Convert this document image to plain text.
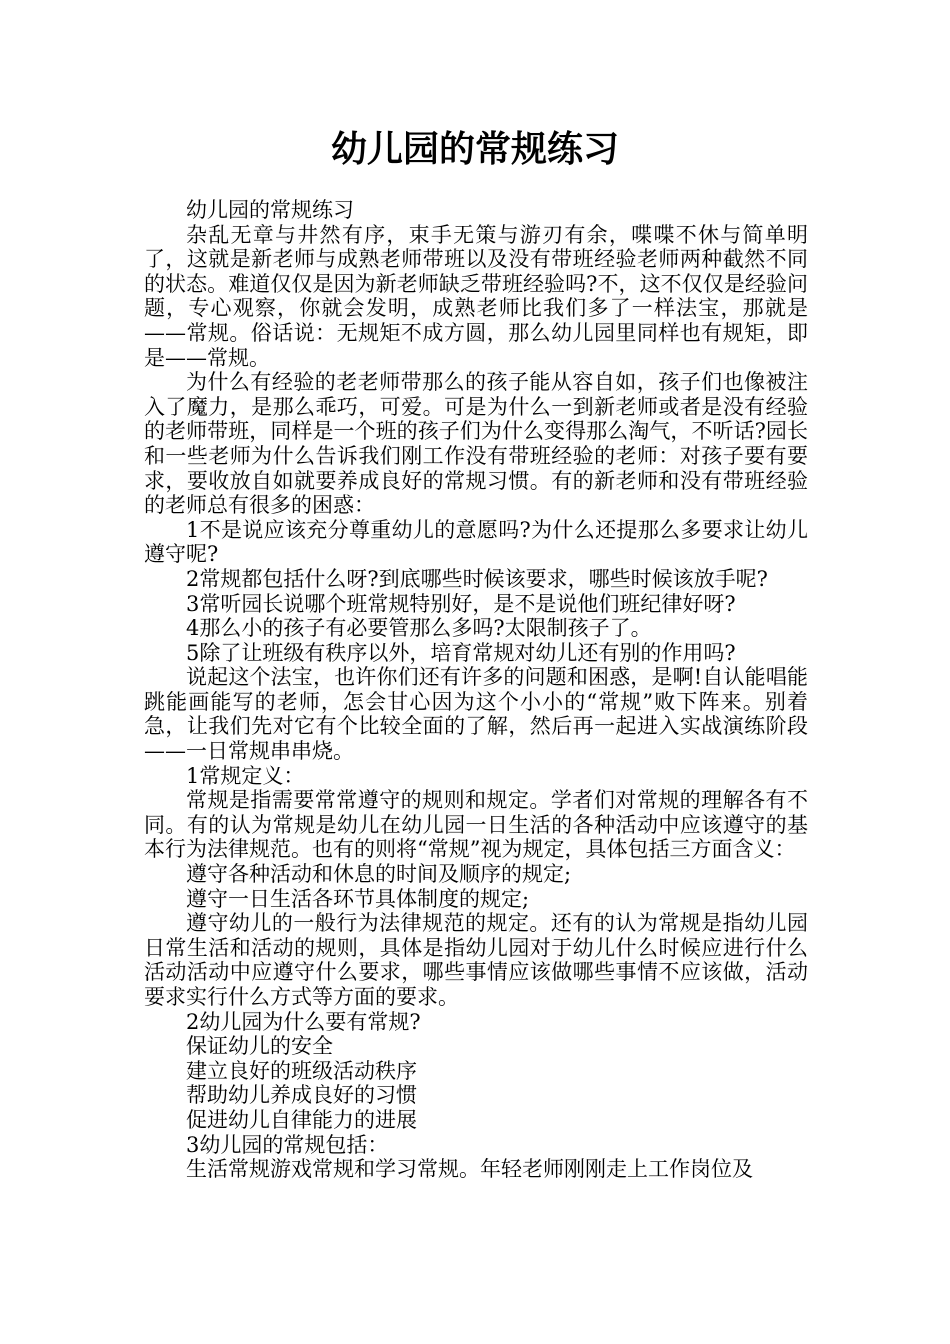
幼儿园的常规练习

幼儿园的常规练习

杂乱无章与井然有序，束手无策与游刃有余，喋喋不休与简单明了，这就是新老师与成熟老师带班以及没有带班经验老师两种截然不同的状态。难道仅仅是因为新老师缺乏带班经验吗?不，这不仅仅是经验问题，专心观察，你就会发明，成熟老师比我们多了一样法宝，那就是——常规。俗话说：无规矩不成方圆，那么幼儿园里同样也有规矩，即是——常规。

为什么有经验的老老师带那么的孩子能从容自如，孩子们也像被注入了魔力，是那么乖巧，可爱。可是为什么一到新老师或者是没有经验的老师带班，同样是一个班的孩子们为什么变得那么淘气，不听话?园长和一些老师为什么告诉我们刚工作没有带班经验的老师：对孩子要有要求，要收放自如就要养成良好的常规习惯。有的新老师和没有带班经验的老师总有很多的困惑：

1不是说应该充分尊重幼儿的意愿吗?为什么还提那么多要求让幼儿遵守呢?

2常规都包括什么呀?到底哪些时候该要求，哪些时候该放手呢?

3常听园长说哪个班常规特别好，是不是说他们班纪律好呀?

4那么小的孩子有必要管那么多吗?太限制孩子了。

5除了让班级有秩序以外，培育常规对幼儿还有别的作用吗?

说起这个法宝，也许你们还有许多的问题和困惑，是啊!自认能唱能跳能画能写的老师，怎会甘心因为这个小小的“常规”败下阵来。别着急，让我们先对它有个比较全面的了解，然后再一起进入实战演练阶段——一日常规串串烧。

1常规定义：

常规是指需要常常遵守的规则和规定。学者们对常规的理解各有不同。有的认为常规是幼儿在幼儿园一日生活的各种活动中应该遵守的基本行为法律规范。也有的则将“常规”视为规定，具体包括三方面含义：

遵守各种活动和休息的时间及顺序的规定;

遵守一日生活各环节具体制度的规定;

遵守幼儿的一般行为法律规范的规定。还有的认为常规是指幼儿园日常生活和活动的规则，具体是指幼儿园对于幼儿什么时候应进行什么活动活动中应遵守什么要求，哪些事情应该做哪些事情不应该做，活动要求实行什么方式等方面的要求。

2幼儿园为什么要有常规?

保证幼儿的安全

建立良好的班级活动秩序

帮助幼儿养成良好的习惯

促进幼儿自律能力的进展

3幼儿园的常规包括：

生活常规游戏常规和学习常规。年轻老师刚刚走上工作岗位及
